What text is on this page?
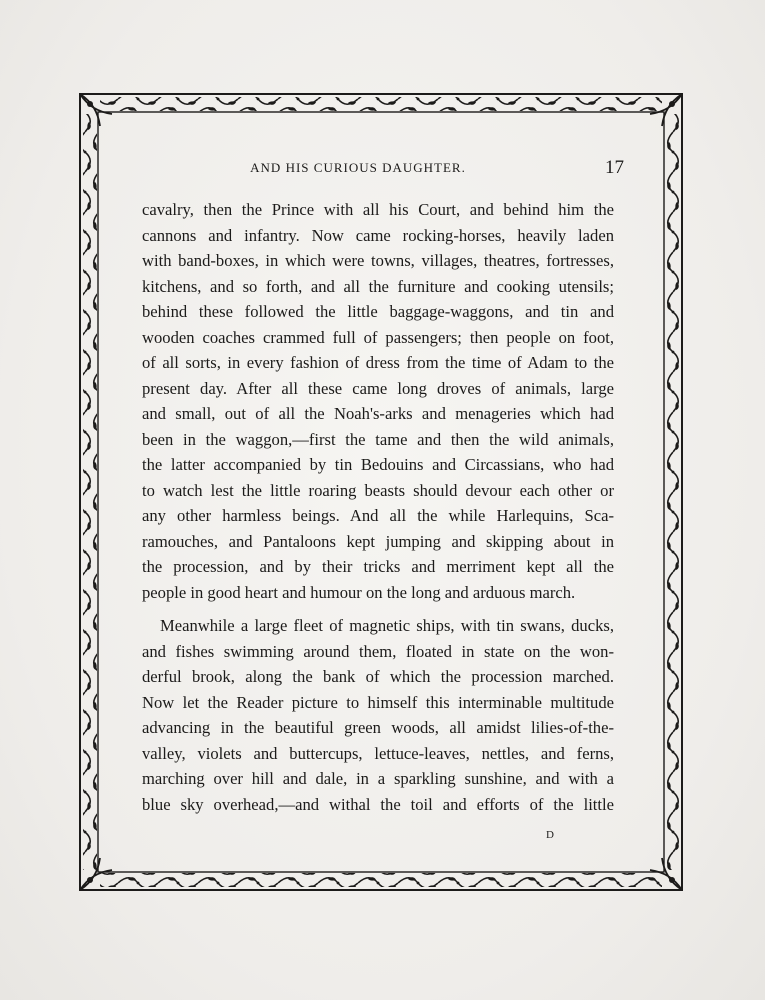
AND HIS CURIOUS DAUGHTER.	17
cavalry, then the Prince with all his Court, and behind him the
cannons and infantry. Now came rocking-horses, heavily laden
with band-boxes, in which were towns, villages, theatres, fortresses,
kitchens, and so forth, and all the furniture and cooking utensils;
behind these followed the little baggage-waggons, and tin and
wooden coaches crammed full of passengers; then people on foot,
of all sorts, in every fashion of dress from the time of Adam to the
present day. After all these came long droves of animals, large
and small, out of all the Noah's-arks and menageries which had
been in the waggon,—first the tame and then the wild animals,
the latter accompanied by tin Bedouins and Circassians, who had
to watch lest the little roaring beasts should devour each other or
any other harmless beings. And all the while Harlequins, Sca-
ramouches, and Pantaloons kept jumping and skipping about in
the procession, and by their tricks and merriment kept all the
people in good heart and humour on the long and arduous march.
Meanwhile a large fleet of magnetic ships, with tin swans, ducks,
and fishes swimming around them, floated in state on the won-
derful brook, along the bank of which the procession marched.
Now let the Reader picture to himself this interminable multitude
advancing in the beautiful green woods, all amidst lilies-of-the-
valley, violets and buttercups, lettuce-leaves, nettles, and ferns,
marching over hill and dale, in a sparkling sunshine, and with a
blue sky overhead,—and withal the toil and efforts of the little
D
